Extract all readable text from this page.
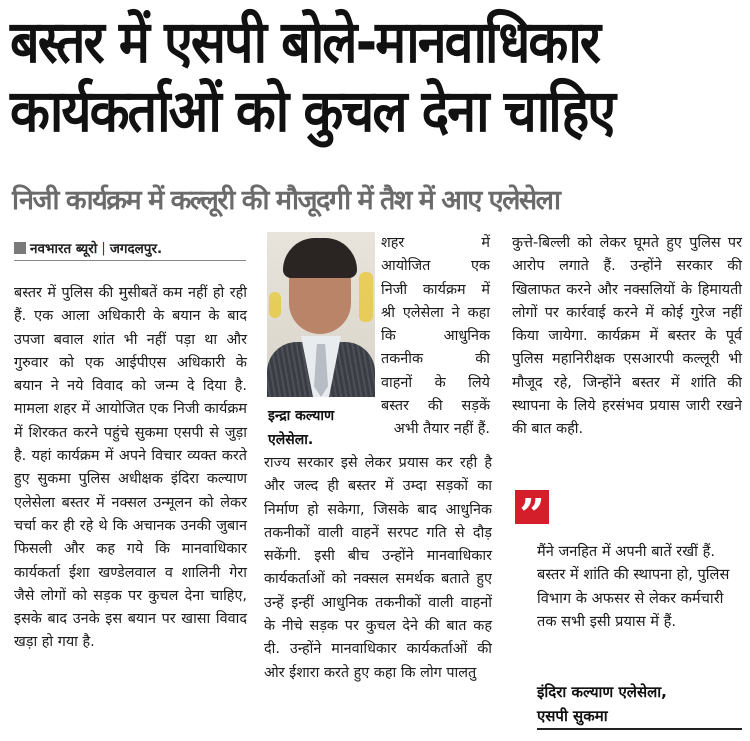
बस्तर में एसपी बोले-मानवाधिकार
कार्यकर्ताओं को कुचल देना चाहिए
निजी कार्यक्रम में कल्लूरी की मौजूदगी में तैश में आए एलेसेला
नवभारत ब्यूरो | जगदलपुर.

बस्तर में पुलिस की मुसीबतें कम नहीं हो रही हैं. एक आला अधिकारी के बयान के बाद उपजा बवाल शांत भी नहीं पड़ा था और गुरुवार को एक आईपीएस अधिकारी के बयान ने नये विवाद को जन्म दे दिया है. मामला शहर में आयोजित एक निजी कार्यक्रम में शिरकत करने पहुंचे सुकमा एसपी से जुड़ा है. यहां कार्यक्रम में अपने विचार व्यक्त करते हुए सुकमा पुलिस अधीक्षक इंदिरा कल्याण एलेसेला बस्तर में नक्सल उन्मूलन को लेकर चर्चा कर ही रहे थे कि अचानक उनकी जुबान फिसली और कह गये कि मानवाधिकार कार्यकर्ता ईशा खण्डेलवाल व शालिनी गेरा जैसे लोगों को सड़क पर कुचल देना चाहिए, इसके बाद उनके इस बयान पर खासा विवाद खड़ा हो गया है.

इन्द्रा कल्याण
एलेसेला.

शहर में

आयोजित एक

निजी कार्यक्रम में

श्री एलेसेला ने कहा

कि आधुनिक

तकनीक की

वाहनों के लिये

बस्तर की सड़कें

अभी तैयार नहीं हैं.

राज्य सरकार इसे लेकर प्रयास कर रही है और जल्द ही बस्तर में उम्दा सड़कों का निर्माण हो सकेगा, जिसके बाद आधुनिक तकनीकों वाली वाहनें सरपट गति से दौड़ सकेंगी. इसी बीच उन्होंने मानवाधिकार कार्यकर्ताओं को नक्सल समर्थक बताते हुए उन्हें इन्हीं आधुनिक तकनीकों वाली वाहनों के नीचे सड़क पर कुचल देने की बात कह दी. उन्होंने मानवाधिकार कार्यकर्ताओं की ओर ईशारा करते हुए कहा कि लोग पालतु

कुत्ते-बिल्ली को लेकर घूमते हुए पुलिस पर आरोप लगाते हैं. उन्होंने सरकार की खिलाफत करने और नक्सलियों के हिमायती लोगों पर कार्रवाई करने में कोई गुरेज नहीं किया जायेगा. कार्यक्रम में बस्तर के पूर्व पुलिस महानिरीक्षक एसआरपी कल्लूरी भी मौजूद रहे, जिन्होंने बस्तर में शांति की स्थापना के लिये हरसंभव प्रयास जारी रखने की बात कही.

”

मैंने जनहित में अपनी बातें रखीं हैं. बस्तर में शांति की स्थापना हो, पुलिस विभाग के अफसर से लेकर कर्मचारी तक सभी इसी प्रयास में हैं.

इंदिरा कल्याण एलेसेला,
एसपी सुकमा
